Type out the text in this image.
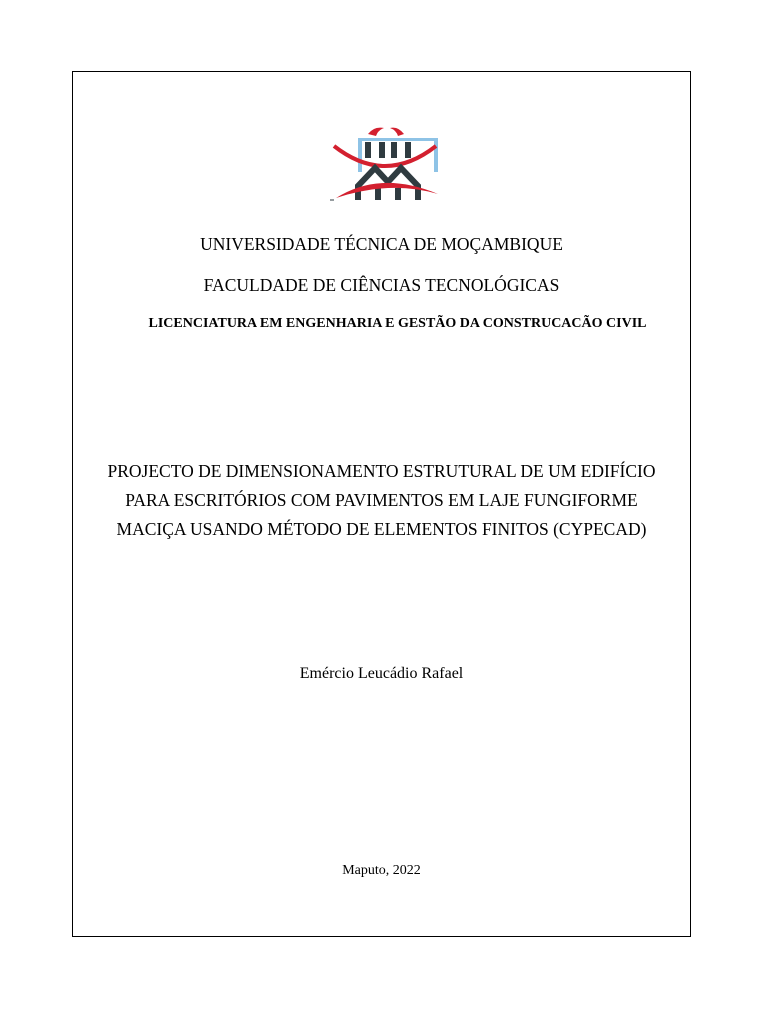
UNIVERSIDADE TÉCNICA DE MOÇAMBIQUE
FACULDADE DE CIÊNCIAS TECNOLÓGICAS
LICENCIATURA EM ENGENHARIA E GESTÃO DA CONSTRUCACÃO CIVIL
PROJECTO DE DIMENSIONAMENTO ESTRUTURAL DE UM EDIFÍCIO
PARA ESCRITÓRIOS COM PAVIMENTOS EM LAJE FUNGIFORME
MACIÇA USANDO MÉTODO DE ELEMENTOS FINITOS (CYPECAD)
Emércio Leucádio Rafael
Maputo, 2022
